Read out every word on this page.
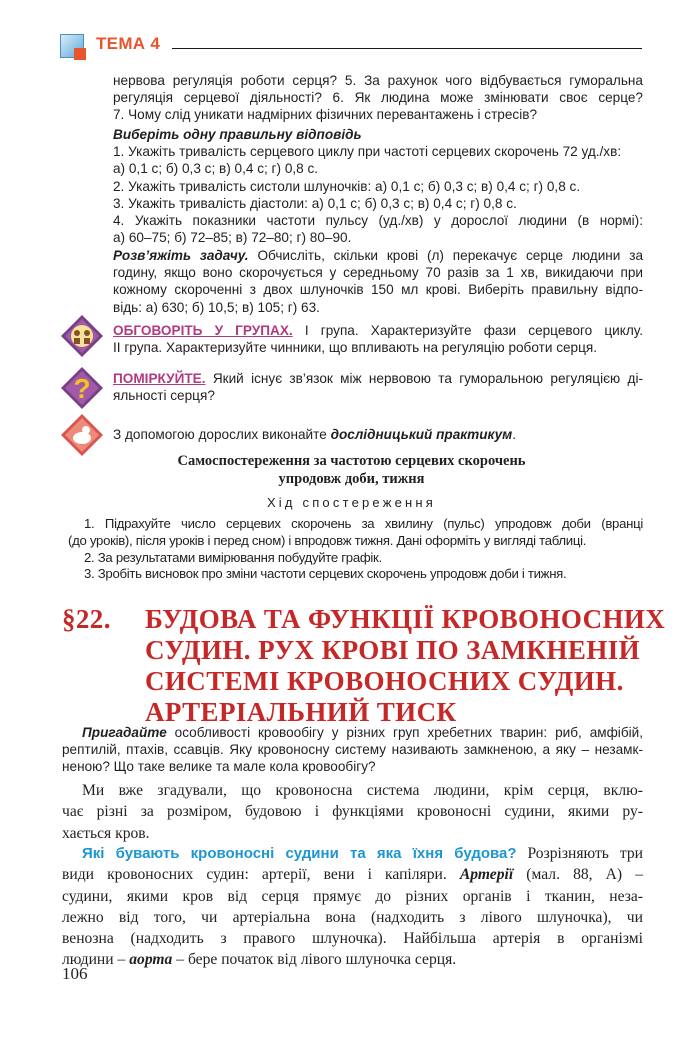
ТЕМА 4
нервова регуляція роботи серця? 5. За рахунок чого відбувається гуморальна
регуляція серцевої діяльності? 6. Як людина може змінювати своє серце?
7. Чому слід уникати надмірних фізичних перевантажень і стресів?
Виберіть одну правильну відповідь
1. Укажіть тривалість серцевого циклу при частоті серцевих скорочень 72 уд./хв:
а) 0,1 с; б) 0,3 с; в) 0,4 с; г) 0,8 с.
2. Укажіть тривалість систоли шлуночків: а) 0,1 с; б) 0,3 с; в) 0,4 с; г) 0,8 с.
3. Укажіть тривалість діастоли: а) 0,1 с; б) 0,3 с; в) 0,4 с; г) 0,8 с.
4. Укажіть показники частоти пульсу (уд./хв) у дорослої людини (в нормі):
а) 60–75; б) 72–85; в) 72–80; г) 80–90.
Розв’яжіть задачу. Обчисліть, скільки крові (л) перекачує серце людини за
годину, якщо воно скорочується у середньому 70 разів за 1 хв, викидаючи при
кожному скороченні з двох шлуночків 150 мл крові. Виберіть правильну відпо-
відь: а) 630; б) 10,5; в) 105; г) 63.
ОБГОВОРІТЬ У ГРУПАХ. І група. Характеризуйте фази серцевого циклу.
ІІ група. Характеризуйте чинники, що впливають на регуляцію роботи серця.
? ПОМІРКУЙТЕ. Який існує зв’язок між нервовою та гуморальною регуляцією ді-
яльності серця?
З допомогою дорослих виконайте дослідницький практикум.
Самоспостереження за частотою серцевих скорочень
упродовж доби, тижня
Хід спостереження
1. Підрахуйте число серцевих скорочень за хвилину (пульс) упродовж доби (вранці
(до уроків), після уроків і перед сном) і впродовж тижня. Дані оформіть у вигляді таблиці.
2. За результатами вимірювання побудуйте графік.
3. Зробіть висновок про зміни частоти серцевих скорочень упродовж доби і тижня.
§22. БУДОВА ТА ФУНКЦІЇ КРОВОНОСНИХ
СУДИН. РУХ КРОВІ ПО ЗАМКНЕНІЙ
СИСТЕМІ КРОВОНОСНИХ СУДИН.
АРТЕРІАЛЬНИЙ ТИСК
Пригадайте особливості кровообігу у різних груп хребетних тварин: риб, амфібій,
рептилій, птахів, ссавців. Яку кровоносну систему називають замкненою, а яку – незамк-
неною? Що таке велике та мале кола кровообігу?
Ми вже згадували, що кровоносна система людини, крім серця, вклю-
чає різні за розміром, будовою і функціями кровоносні судини, якими ру-
хається кров.
Які бувають кровоносні судини та яка їхня будова? Розрізняють три
види кровоносних судин: артерії, вени і капіляри. Артерії (мал. 88, А) –
судини, якими кров від серця прямує до різних органів і тканин, неза-
лежно від того, чи артеріальна вона (надходить з лівого шлуночка), чи
венозна (надходить з правого шлуночка). Найбільша артерія в організмі
людини – аорта – бере початок від лівого шлуночка серця.
106
